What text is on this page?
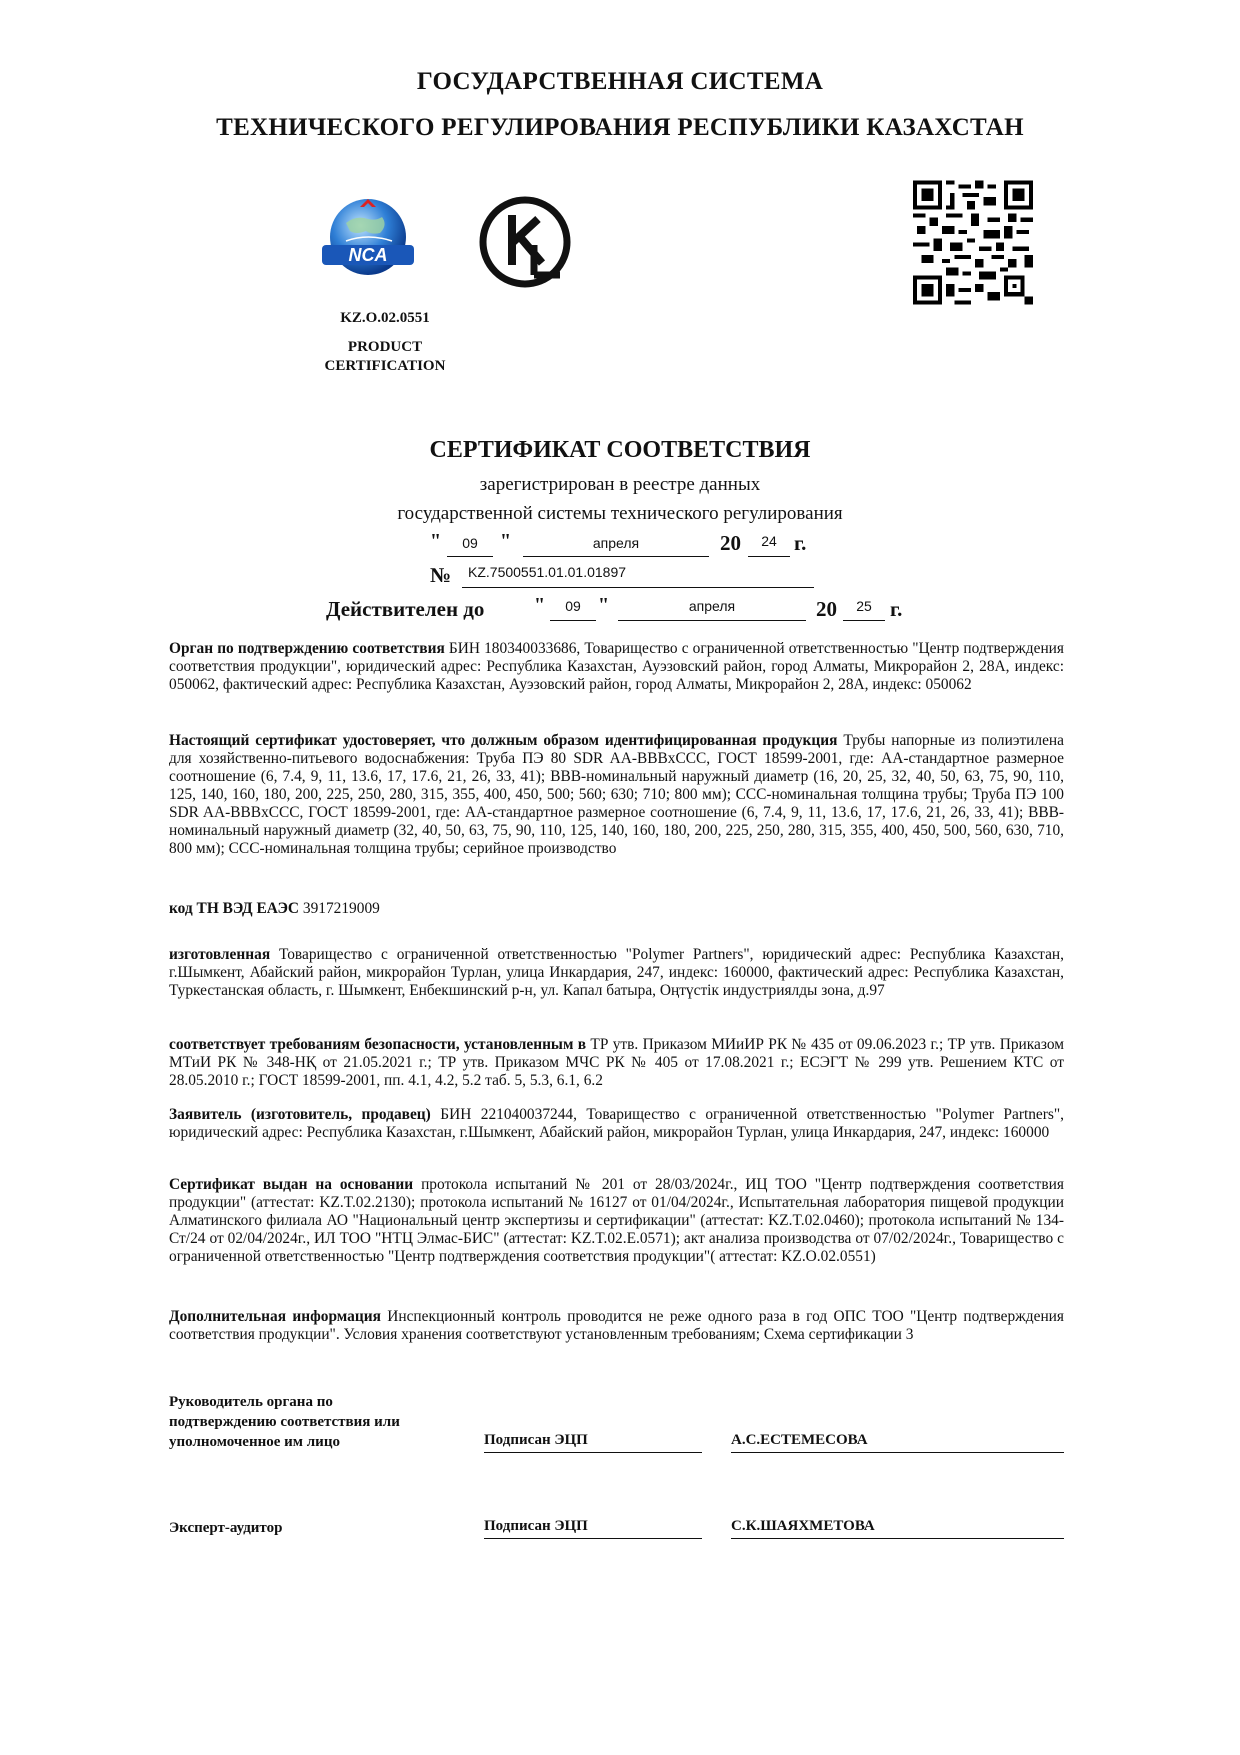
ГОСУДАРСТВЕННАЯ СИСТЕМА
ТЕХНИЧЕСКОГО РЕГУЛИРОВАНИЯ РЕСПУБЛИКИ КАЗАХСТАН
NCA
KZ.O.02.0551
PRODUCT
CERTIFICATION
СЕРТИФИКАТ СООТВЕТСТВИЯ
зарегистрирован в реестре данных
государственной системы технического регулирования
"	09	"	апреля	20	24 г.
№ KZ.7500551.01.01.01897
Действителен до "	09 "	апреля	20	25 г.
Орган по подтверждению соответствия БИН 180340033686, Товарищество с ограниченной ответственностью "Центр подтверждения соответствия продукции", юридический адрес: Республика Казахстан, Ауэзовский район, город Алматы, Микрорайон 2, 28А, индекс: 050062, фактический адрес: Республика Казахстан, Ауэзовский район, город Алматы, Микрорайон 2, 28А, индекс: 050062
Настоящий сертификат удостоверяет, что должным образом идентифицированная продукция Трубы напорные из полиэтилена для хозяйственно-питьевого водоснабжения: Труба ПЭ 80 SDR AA-BBBxCCC, ГОСТ 18599-2001, где: АА-стандартное размерное соотношение (6, 7.4, 9, 11, 13.6, 17, 17.6, 21, 26, 33, 41); ВВВ-номинальный наружный диаметр (16, 20, 25, 32, 40, 50, 63, 75, 90, 110, 125, 140, 160, 180, 200, 225, 250, 280, 315, 355, 400, 450, 500; 560; 630; 710; 800 мм); ССС-номинальная толщина трубы; Труба ПЭ 100 SDR AA-BBBxCCC, ГОСТ 18599-2001, где: АА-стандартное размерное соотношение (6, 7.4, 9, 11, 13.6, 17, 17.6, 21, 26, 33, 41); ВВВ-номинальный наружный диаметр (32, 40, 50, 63, 75, 90, 110, 125, 140, 160, 180, 200, 225, 250, 280, 315, 355, 400, 450, 500, 560, 630, 710, 800 мм); ССС-номинальная толщина трубы; серийное производство
код ТН ВЭД ЕАЭС 3917219009
изготовленная Товарищество с ограниченной ответственностью "Polymer Partners", юридический адрес: Республика Казахстан, г.Шымкент, Абайский район, микрорайон Турлан, улица Инкардария, 247, индекс: 160000, фактический адрес: Республика Казахстан, Туркестанская область, г. Шымкент, Енбекшинский р-н, ул. Капал батыра, Оңтүстік индустриялды зона, д.97
соответствует требованиям безопасности, установленным в ТР утв. Приказом МИиИР РК № 435 от 09.06.2023 г.; ТР утв. Приказом МТиИ РК № 348-НҚ от 21.05.2021 г.; ТР утв. Приказом МЧС РК № 405 от 17.08.2021 г.; ЕСЭГТ № 299 утв. Решением КТС от 28.05.2010 г.; ГОСТ 18599-2001, пп. 4.1, 4.2, 5.2 таб. 5, 5.3, 6.1, 6.2
Заявитель (изготовитель, продавец) БИН 221040037244, Товарищество с ограниченной ответственностью "Polymer Partners", юридический адрес: Республика Казахстан, г.Шымкент, Абайский район, микрорайон Турлан, улица Инкардария, 247, индекс: 160000
Сертификат выдан на основании протокола испытаний № 201 от 28/03/2024г., ИЦ ТОО "Центр подтверждения соответствия продукции" (аттестат: KZ.T.02.2130); протокола испытаний № 16127 от 01/04/2024г., Испытательная лаборатория пищевой продукции Алматинского филиала АО "Национальный центр экспертизы и сертификации" (аттестат: KZ.T.02.0460); протокола испытаний № 134-Ст/24 от 02/04/2024г., ИЛ ТОО "НТЦ Элмас-БИС" (аттестат: KZ.T.02.E.0571); акт анализа производства от 07/02/2024г., Товарищество с ограниченной ответственностью "Центр подтверждения соответствия продукции"( аттестат: KZ.O.02.0551)
Дополнительная информация Инспекционный контроль проводится не реже одного раза в год ОПС ТОО "Центр подтверждения соответствия продукции". Условия хранения соответствуют установленным требованиям; Схема сертификации 3
Руководитель органа по
подтверждению соответствия или
уполномоченное им лицо	Подписан ЭЦП	А.С.ЕСТЕМЕСОВА
Эксперт-аудитор	Подписан ЭЦП	С.К.ШАЯХМЕТОВА
